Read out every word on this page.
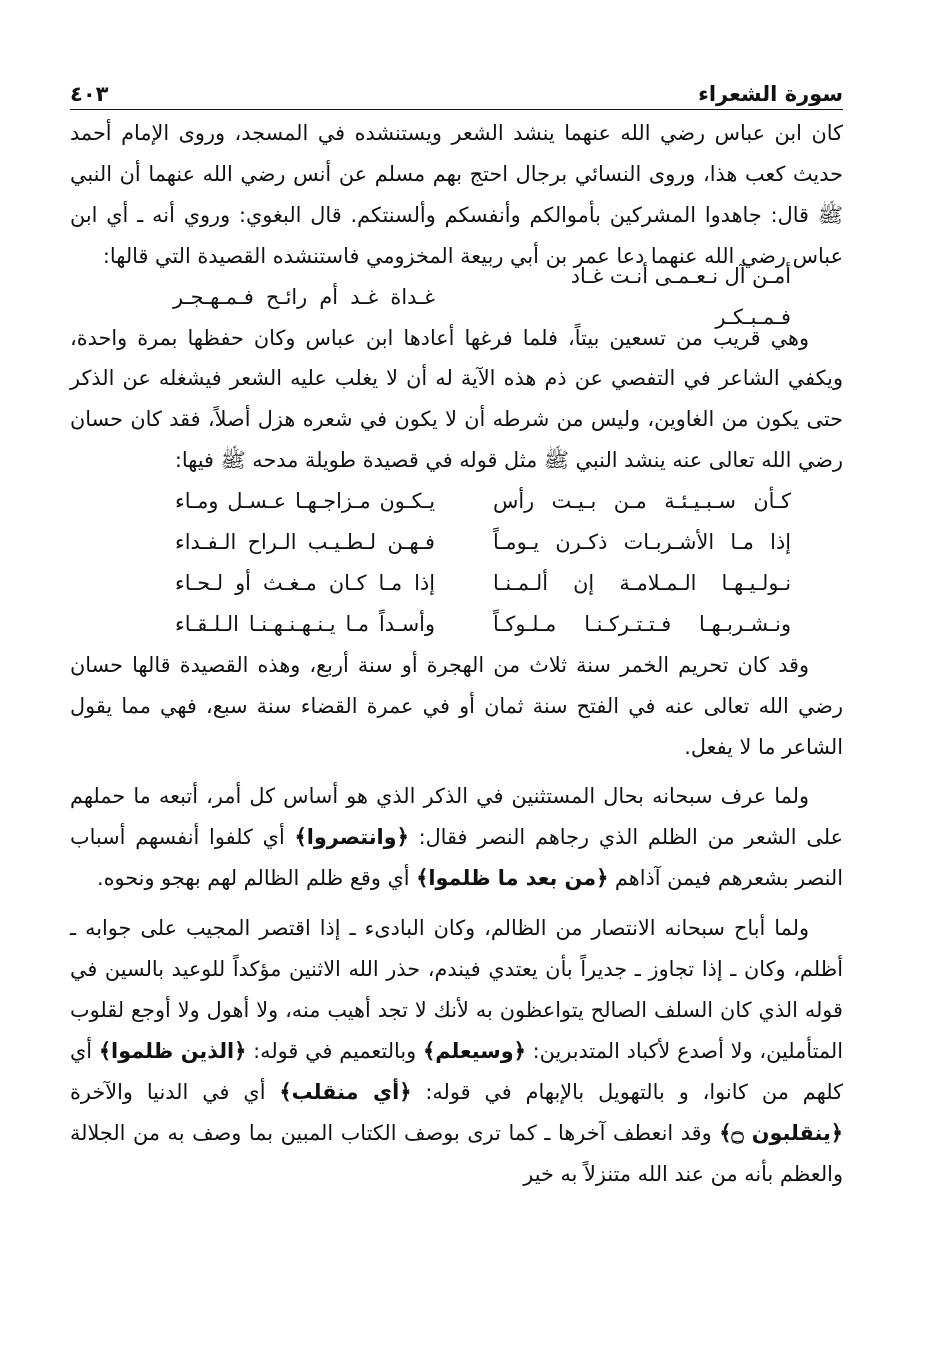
سورة الشعراء
٤٠٣

كان ابن عباس رضي الله عنهما ينشد الشعر ويستنشده في المسجد، وروى الإمام أحمد حديث كعب هذا، وروى النسائي برجال احتج بهم مسلم عن أنس رضي الله عنهما أن النبي ﷺ قال: جاهدوا المشركين بأموالكم وأنفسكم وألسنتكم. قال البغوي: وروي أنه ـ أي ابن عباس رضي الله عنهما دعا عمر بن أبي ربيعة المخزومي فاستنشده القصيدة التي قالها:

أمـن آل نـعـمـى أنـت غـاد فـمـبـكـر
غـداة غـد أم رائـح فـمـهـجـر

وهي قريب من تسعين بيتاً، فلما فرغها أعادها ابن عباس وكان حفظها بمرة واحدة، ويكفي الشاعر في التفصي عن ذم هذه الآية له أن لا يغلب عليه الشعر فيشغله عن الذكر حتى يكون من الغاوين، وليس من شرطه أن لا يكون في شعره هزل أصلاً، فقد كان حسان رضي الله تعالى عنه ينشد النبي ﷺ مثل قوله في قصيدة طويلة مدحه ﷺ فيها:

كـأن سـبـيـئـة مـن بـيـت رأس
يـكـون مـزاجـهـا عـسـل ومـاء
إذا مـا الأشـربـات ذكـرن يـومـاً
فـهـن لـطـيـب الـراح الـفـداء
نـولـيـهـا الـمـلامـة إن ألـمـنـا
إذا مـا كـان مـغـث أو لـحـاء
ونـشـربـهـا فـتـتـركـنـا مـلـوكـاً
وأسـداً مـا يـنـهـنـهـنـا الـلـقـاء

وقد كان تحريم الخمر سنة ثلاث من الهجرة أو سنة أربع، وهذه القصيدة قالها حسان رضي الله تعالى عنه في الفتح سنة ثمان أو في عمرة القضاء سنة سبع، فهي مما يقول الشاعر ما لا يفعل.

ولما عرف سبحانه بحال المستثنين في الذكر الذي هو أساس كل أمر، أتبعه ما حملهم على الشعر من الظلم الذي رجاهم النصر فقال: ﴿وانتصروا﴾ أي كلفوا أنفسهم أسباب النصر بشعرهم فيمن آذاهم ﴿من بعد ما ظلموا﴾ أي وقع ظلم الظالم لهم بهجو ونحوه.

ولما أباح سبحانه الانتصار من الظالم، وكان البادىء ـ إذا اقتصر المجيب على جوابه ـ أظلم، وكان ـ إذا تجاوز ـ جديراً بأن يعتدي فيندم، حذر الله الاثنين مؤكداً للوعيد بالسين في قوله الذي كان السلف الصالح يتواعظون به لأنك لا تجد أهيب منه، ولا أهول ولا أوجع لقلوب المتأملين، ولا أصدع لأكباد المتدبرين: ﴿وسيعلم﴾ وبالتعميم في قوله: ﴿الذين ظلموا﴾ أي كلهم من كانوا، و بالتهويل بالإبهام في قوله: ﴿أي منقلب﴾ أي في الدنيا والآخرة ﴿ينقلبون ۝﴾ وقد انعطف آخرها ـ كما ترى بوصف الكتاب المبين بما وصف به من الجلالة والعظم بأنه من عند الله متنزلاً به خير
